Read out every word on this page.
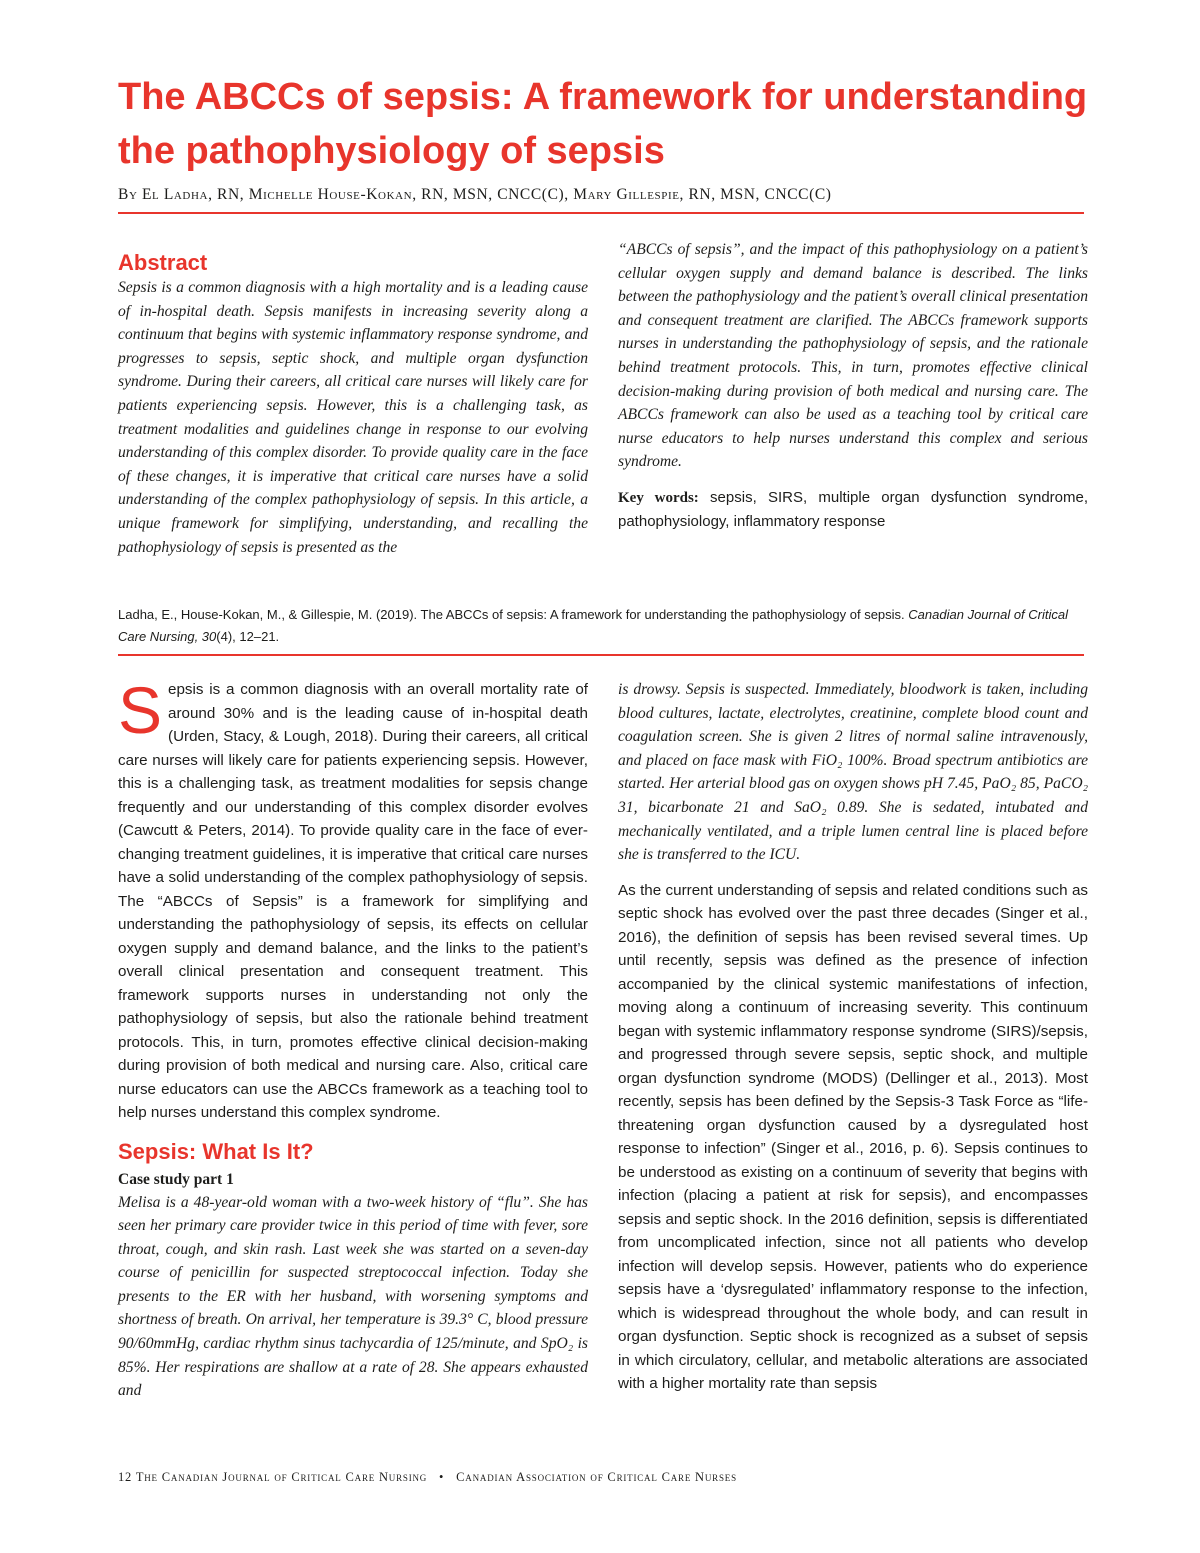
The ABCCs of sepsis: A framework for understanding the pathophysiology of sepsis

By El Ladha, RN, Michelle House-Kokan, RN, MSN, CNCC(C), Mary Gillespie, RN, MSN, CNCC(C)

Abstract

Sepsis is a common diagnosis with a high mortality and is a leading cause of in-hospital death. Sepsis manifests in increasing severity along a continuum that begins with systemic inflammatory response syndrome, and progresses to sepsis, septic shock, and multiple organ dysfunction syndrome. During their careers, all critical care nurses will likely care for patients experiencing sepsis. However, this is a challenging task, as treatment modalities and guidelines change in response to our evolving understanding of this complex disorder. To provide quality care in the face of these changes, it is imperative that critical care nurses have a solid understanding of the complex pathophysiology of sepsis. In this article, a unique framework for simplifying, understanding, and recalling the pathophysiology of sepsis is presented as the

“ABCCs of sepsis”, and the impact of this pathophysiology on a patient’s cellular oxygen supply and demand balance is described. The links between the pathophysiology and the patient’s overall clinical presentation and consequent treatment are clarified. The ABCCs framework supports nurses in understanding the pathophysiology of sepsis, and the rationale behind treatment protocols. This, in turn, promotes effective clinical decision-making during provision of both medical and nursing care. The ABCCs framework can also be used as a teaching tool by critical care nurse educators to help nurses understand this complex and serious syndrome.

Key words: sepsis, SIRS, multiple organ dysfunction syndrome, pathophysiology, inflammatory response

Ladha, E., House-Kokan, M., & Gillespie, M. (2019). The ABCCs of sepsis: A framework for understanding the pathophysiology of sepsis. Canadian Journal of Critical Care Nursing, 30(4), 12–21.

Sepsis is a common diagnosis with an overall mortality rate of around 30% and is the leading cause of in-hospital death (Urden, Stacy, & Lough, 2018). During their careers, all critical care nurses will likely care for patients experiencing sepsis. However, this is a challenging task, as treatment modalities for sepsis change frequently and our understanding of this complex disorder evolves (Cawcutt & Peters, 2014). To provide quality care in the face of ever-changing treatment guidelines, it is imperative that critical care nurses have a solid understanding of the complex pathophysiology of sepsis. The “ABCCs of Sepsis” is a framework for simplifying and understanding the pathophysiology of sepsis, its effects on cellular oxygen supply and demand balance, and the links to the patient’s overall clinical presentation and consequent treatment. This framework supports nurses in understanding not only the pathophysiology of sepsis, but also the rationale behind treatment protocols. This, in turn, promotes effective clinical decision-making during provision of both medical and nursing care. Also, critical care nurse educators can use the ABCCs framework as a teaching tool to help nurses understand this complex syndrome.

Sepsis: What Is It?
Case study part 1

Melisa is a 48-year-old woman with a two-week history of “flu”. She has seen her primary care provider twice in this period of time with fever, sore throat, cough, and skin rash. Last week she was started on a seven-day course of penicillin for suspected streptococcal infection. Today she presents to the ER with her husband, with worsening symptoms and shortness of breath. On arrival, her temperature is 39.3° C, blood pressure 90/60mmHg, cardiac rhythm sinus tachycardia of 125/minute, and SpO₂ is 85%. Her respirations are shallow at a rate of 28. She appears exhausted and

is drowsy. Sepsis is suspected. Immediately, bloodwork is taken, including blood cultures, lactate, electrolytes, creatinine, complete blood count and coagulation screen. She is given 2 litres of normal saline intravenously, and placed on face mask with FiO₂ 100%. Broad spectrum antibiotics are started. Her arterial blood gas on oxygen shows pH 7.45, PaO₂ 85, PaCO₂ 31, bicarbonate 21 and SaO₂ 0.89. She is sedated, intubated and mechanically ventilated, and a triple lumen central line is placed before she is transferred to the ICU.

As the current understanding of sepsis and related conditions such as septic shock has evolved over the past three decades (Singer et al., 2016), the definition of sepsis has been revised several times. Up until recently, sepsis was defined as the presence of infection accompanied by the clinical systemic manifestations of infection, moving along a continuum of increasing severity. This continuum began with systemic inflammatory response syndrome (SIRS)/sepsis, and progressed through severe sepsis, septic shock, and multiple organ dysfunction syndrome (MODS) (Dellinger et al., 2013). Most recently, sepsis has been defined by the Sepsis-3 Task Force as “life-threatening organ dysfunction caused by a dysregulated host response to infection” (Singer et al., 2016, p. 6). Sepsis continues to be understood as existing on a continuum of severity that begins with infection (placing a patient at risk for sepsis), and encompasses sepsis and septic shock. In the 2016 definition, sepsis is differentiated from uncomplicated infection, since not all patients who develop infection will develop sepsis. However, patients who do experience sepsis have a ‘dysregulated’ inflammatory response to the infection, which is widespread throughout the whole body, and can result in organ dysfunction. Septic shock is recognized as a subset of sepsis in which circulatory, cellular, and metabolic alterations are associated with a higher mortality rate than sepsis

12 The Canadian Journal of Critical Care Nursing • Canadian Association of Critical Care Nurses
